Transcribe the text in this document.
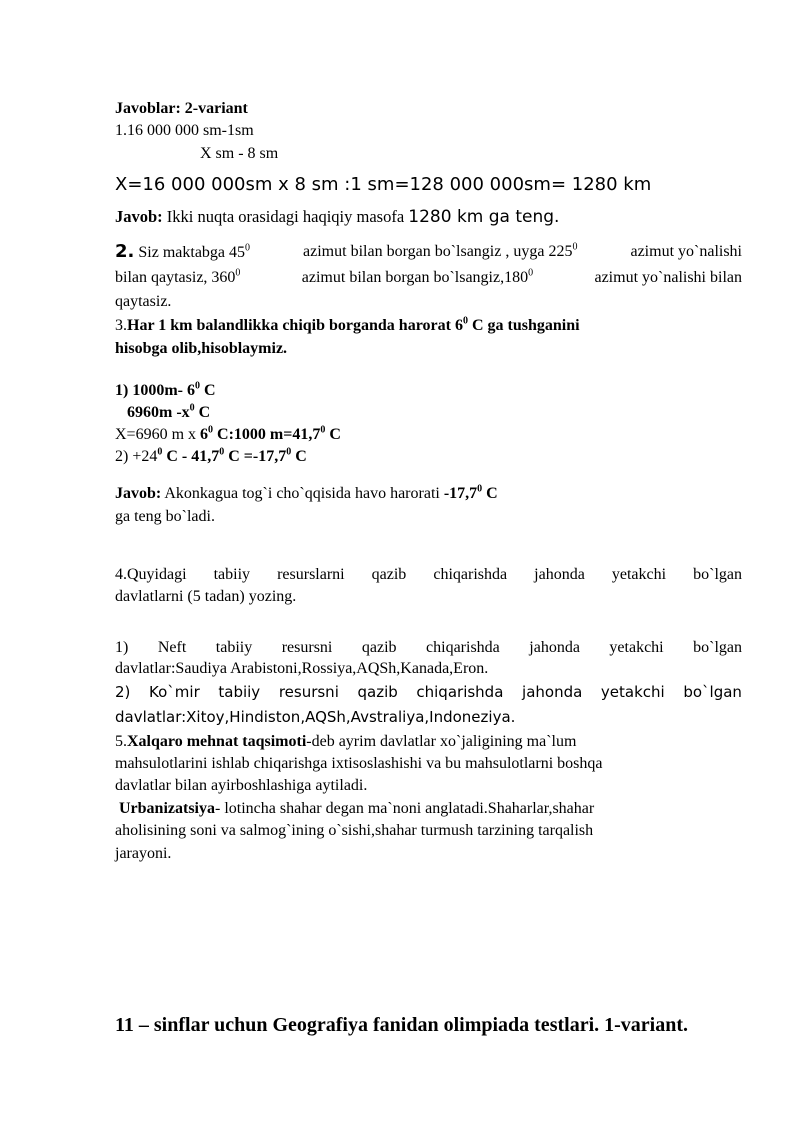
Javoblar: 2-variant
1.16 000 000 sm-1sm
X sm - 8 sm
X=16 000 000sm x 8 sm :1 sm=128 000 000sm= 1280 km
Javob: Ikki nuqta orasidagi haqiqiy masofa 1280 km ga teng.
2. Siz maktabga $45^0$	azimut bilan borgan bo`lsangiz , uyga $225^0$	azimut yo`nalishi
bilan qaytasiz, $360^0$	azimut bilan borgan bo`lsangiz,180$^0$	azimut yo`nalishi bilan
qaytasiz.
3.Har 1 km balandlikka chiqib borganda harorat $6^0$ C ga tushganini
hisobga olib,hisoblaymiz.
1) 1000m- $6^0$ C
6960m $-x^0$ C
X=6960 m x $6^0$ C:1000 $m=41,7^0$ C
$2) +24^0$ C - 41,7$^0$ $C =-17,7^0$ C
Javob: Akonkagua tog`i cho`qqisida havo harorati -17,7$^0$ C
ga teng bo`ladi.
4.Quyidagi tabiiy resurslarni qazib chiqarishda jahonda yetakchi bo`lgan
davlatlarni (5 tadan) yozing.
1) Neft tabiiy resursni qazib chiqarishda jahonda yetakchi bo`lgan
davlatlar:Saudiya Arabistoni,Rossiya,AQSh,Kanada,Eron.
2) Ko`mir tabiiy resursni qazib chiqarishda jahonda yetakchi bo`lgan
davlatlar:Xitoy,Hindiston,AQSh,Avstraliya,Indoneziya.
5.Xalqaro mehnat taqsimoti-deb ayrim davlatlar xo`jaligining ma`lum
mahsulotlarini ishlab chiqarishga ixtisoslashishi va bu mahsulotlarni boshqa
davlatlar bilan ayirboshlashiga aytiladi.
Urbanizatsiya- lotincha shahar degan ma`noni anglatadi.Shaharlar,shahar
aholisining soni va salmog`ining o`sishi,shahar turmush tarzining tarqalish
jarayoni.
11 – sinflar uchun Geografiya fanidan olimpiada testlari. 1-variant.
